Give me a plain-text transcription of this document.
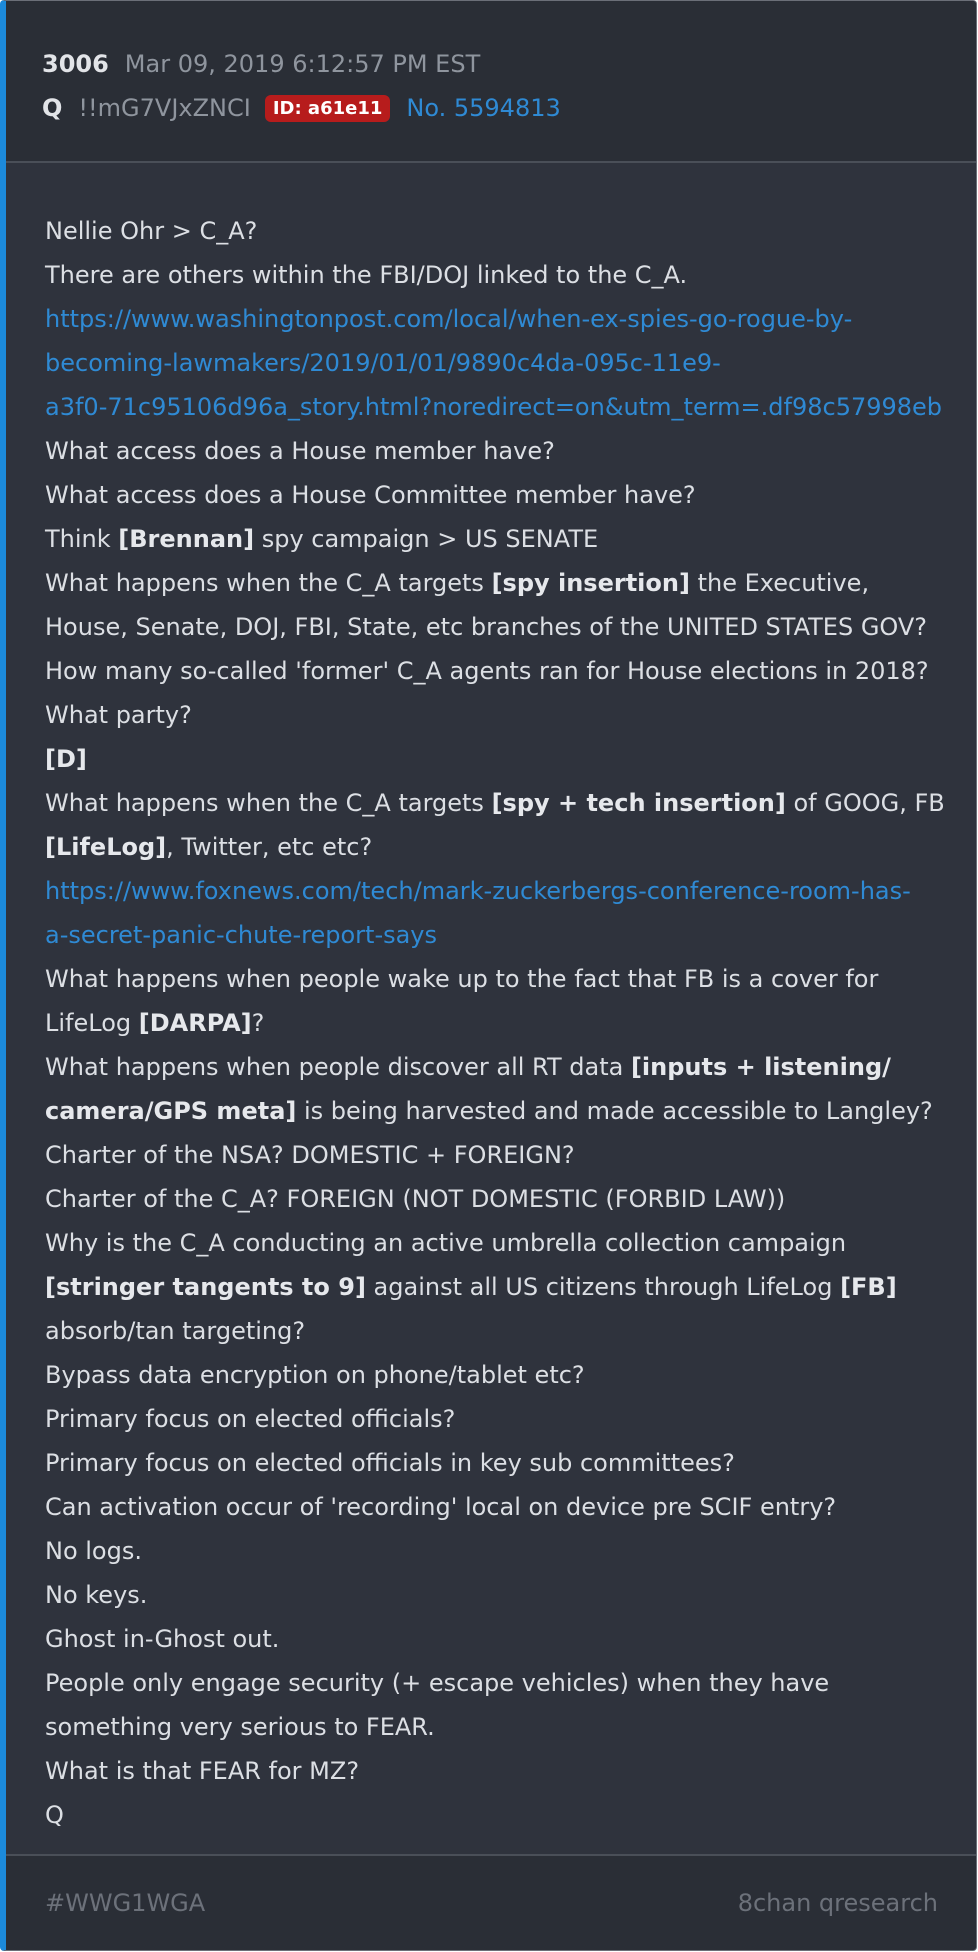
3006 Mar 09, 2019 6:12:57 PM EST
Q !!mG7VJxZNCI	ID: a61e11	No. 5594813
Nellie Ohr > C_A?
There are others within the FBI/DOJ linked to the C_A.
https://www.washingtonpost.com/local/when-ex-spies-go-rogue-by-
becoming-lawmakers/2019/01/01/9890c4da-095c-11e9-
a3f0-71c95106d96a_story.html?noredirect=on&utm_term=.df98c57998eb
What access does a House member have?
What access does a House Committee member have?
Think [Brennan] spy campaign > US SENATE
What happens when the C_A targets [spy insertion] the Executive,
House, Senate, DOJ, FBI, State, etc branches of the UNITED STATES GOV?
How many so-called 'former' C_A agents ran for House elections in 2018?
What party?
[D]
What happens when the C_A targets [spy + tech insertion] of GOOG, FB
[LifeLog], Twitter, etc etc?
https://www.foxnews.com/tech/mark-zuckerbergs-conference-room-has-
a-secret-panic-chute-report-says
What happens when people wake up to the fact that FB is a cover for
LifeLog [DARPA]?
What happens when people discover all RT data [inputs + listening/
camera/GPS meta] is being harvested and made accessible to Langley?
Charter of the NSA? DOMESTIC + FOREIGN?
Charter of the C_A? FOREIGN (NOT DOMESTIC (FORBID LAW))
Why is the C_A conducting an active umbrella collection campaign
[stringer tangents to 9] against all US citizens through LifeLog [FB]
absorb/tan targeting?
Bypass data encryption on phone/tablet etc?
Primary focus on elected officials?
Primary focus on elected officials in key sub committees?
Can activation occur of 'recording' local on device pre SCIF entry?
No logs.
No keys.
Ghost in-Ghost out.
People only engage security (+ escape vehicles) when they have
something very serious to FEAR.
What is that FEAR for MZ?
Q
#WWG1WGA	8chan qresearch
